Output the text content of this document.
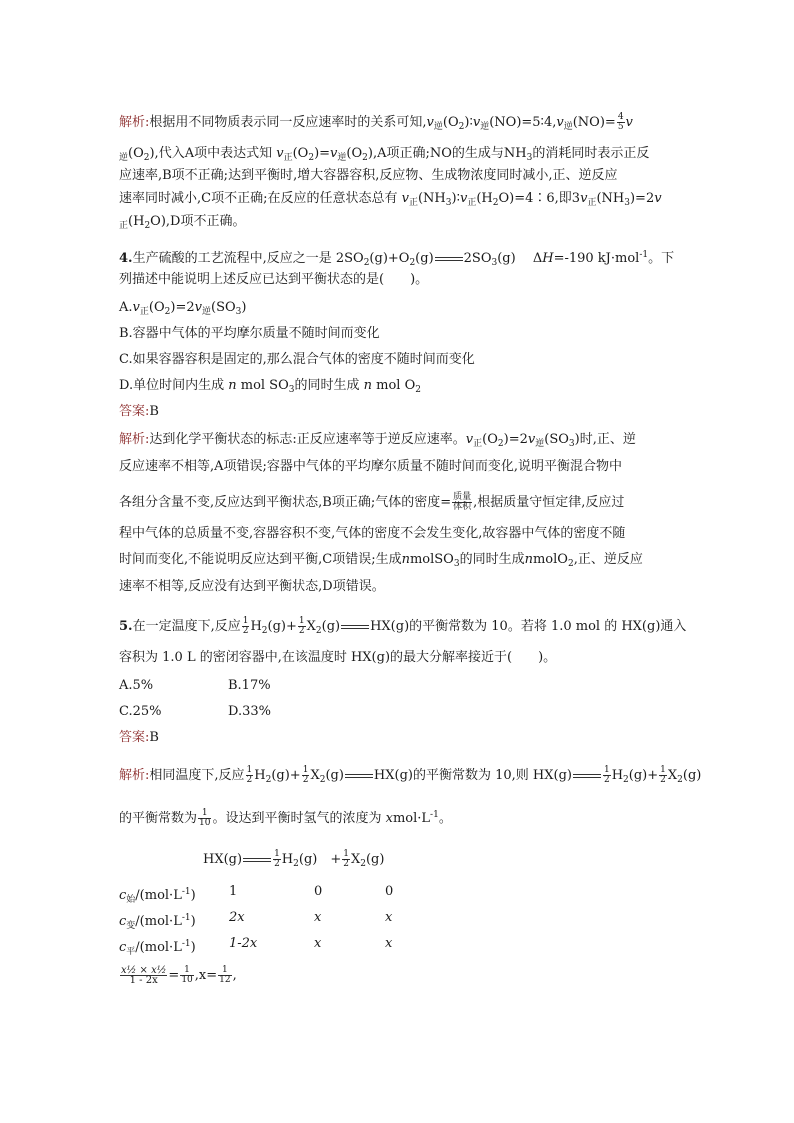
解析:根据用不同物质表示同一反应速率时的关系可知$,v_逆(O_2)∶v_逆(NO)=5∶4,v_逆(NO)= \frac{4}{5}$ v
$_逆(O_2)$,代入A项中表达式知 $v_正(O_2)=v_逆(O_2),A$项正确;NO的生成与$NH_3$的消耗同时表示正反
应速率,B项不正确;达到平衡时,增大容器容积,反应物、生成物浓度同时减小,正、逆反应
速率同时减小,C项不正确;在反应的任意状态总有 $v_正(NH_3)∶v_正(H_2O)=4∶6$,即$3v_正(NH_3)=2v$
$_正(H_2O),D$项不正确。
4.生产硫酸的工艺流程中,反应之一是 $2SO_2(g)+O_2(g)$ $2SO_3(g)$　 ΔH=-190 kJ·mol$^{-1}$。下
列描述中能说明上述反应已达到平衡状态的是(　　)。
$A.v_正(O_2)=2v_逆(SO_3)$
B.容器中气体的平均摩尔质量不随时间而变化
C.如果容器容积是固定的,那么混合气体的密度不随时间而变化
D.单位时间内生成 n mol $SO_3$的同时生成 n mol $O_2$
答案:B
解析:达到化学平衡状态的标志:正反应速率等于逆反应速率。$v_正(O_2)=2v_逆(SO_3)$时,正、逆
反应速率不相等,A项错误;容器中气体的平均摩尔质量不随时间而变化,说明平衡混合物中
各组分含量不变,反应达到平衡状态,B项正确;气体的密度= $\frac{\text{质量}}{\text{体积}}$ ,根据质量守恒定律,反应过
程中气体的总质量不变,容器容积不变,气体的密度不会发生变化,故容器中气体的密度不随
时间而变化,不能说明反应达到平衡,C项错误;生成nmolSO$_3$的同时生成nmolO$_2$,正、逆反应
速率不相等,反应没有达到平衡状态,D项错误。
5.在一定温度下,反应 $\frac{1}{2} H_2(g)+ \frac{1}{2} X_2(g)$ HX(g)的平衡常数为 10。若将 1.0 mol 的 HX(g)通入
容积为 1.0 L 的密闭容器中,在该温度时 HX(g)的最大分解率接近于(　　)。
A.5%	B.17%
C.25%	D.33%
答案:B
解析:相同温度下,反应 $\frac{1}{2} H_2(g)+ \frac{1}{2} X_2(g)$ HX(g)的平衡常数为 10,则 HX(g)	$\frac{1}{2} H_2(g)+ \frac{1}{2} X_2(g)$
的平衡常数为 $\frac{1}{10}$ 。设达到平衡时氢气的浓度为 $xmol\cdot L^{-1}$。
HX(g)	$\frac{1}{2} H_2(g)$　+ $\frac{1}{2} X_2(g)$
$c_始/(mol\cdot L^{-1})$	1	0	0
$c_变/(mol\cdot L^{-1})$	2x	x	x
$c_平/(mol\cdot L^{-1})$	1-2x	x	x
$\frac{\text{x½ × x½}}{1 - 2x} = \frac{1}{10} ,x= \frac{1}{12}$ ,
